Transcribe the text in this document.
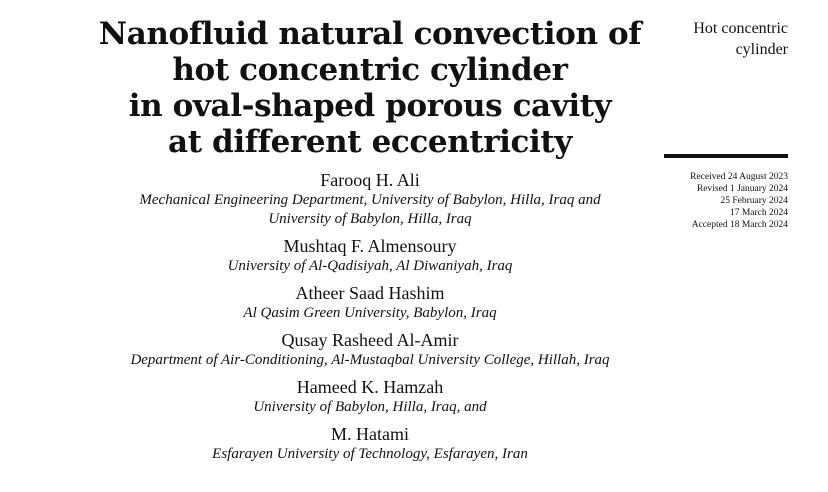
Nanofluid natural convection of
hot concentric cylinder
in oval-shaped porous cavity
at different eccentricity
Farooq H. Ali
Mechanical Engineering Department, University of Babylon, Hilla, Iraq and
University of Babylon, Hilla, Iraq
Mushtaq F. Almensoury
University of Al-Qadisiyah, Al Diwaniyah, Iraq
Atheer Saad Hashim
Al Qasim Green University, Babylon, Iraq
Qusay Rasheed Al-Amir
Department of Air-Conditioning, Al-Mustaqbal University College, Hillah, Iraq
Hameed K. Hamzah
University of Babylon, Hilla, Iraq, and
M. Hatami
Esfarayen University of Technology, Esfarayen, Iran
Hot concentric
cylinder
Received 24 August 2023
Revised 1 January 2024
25 February 2024
17 March 2024
Accepted 18 March 2024
